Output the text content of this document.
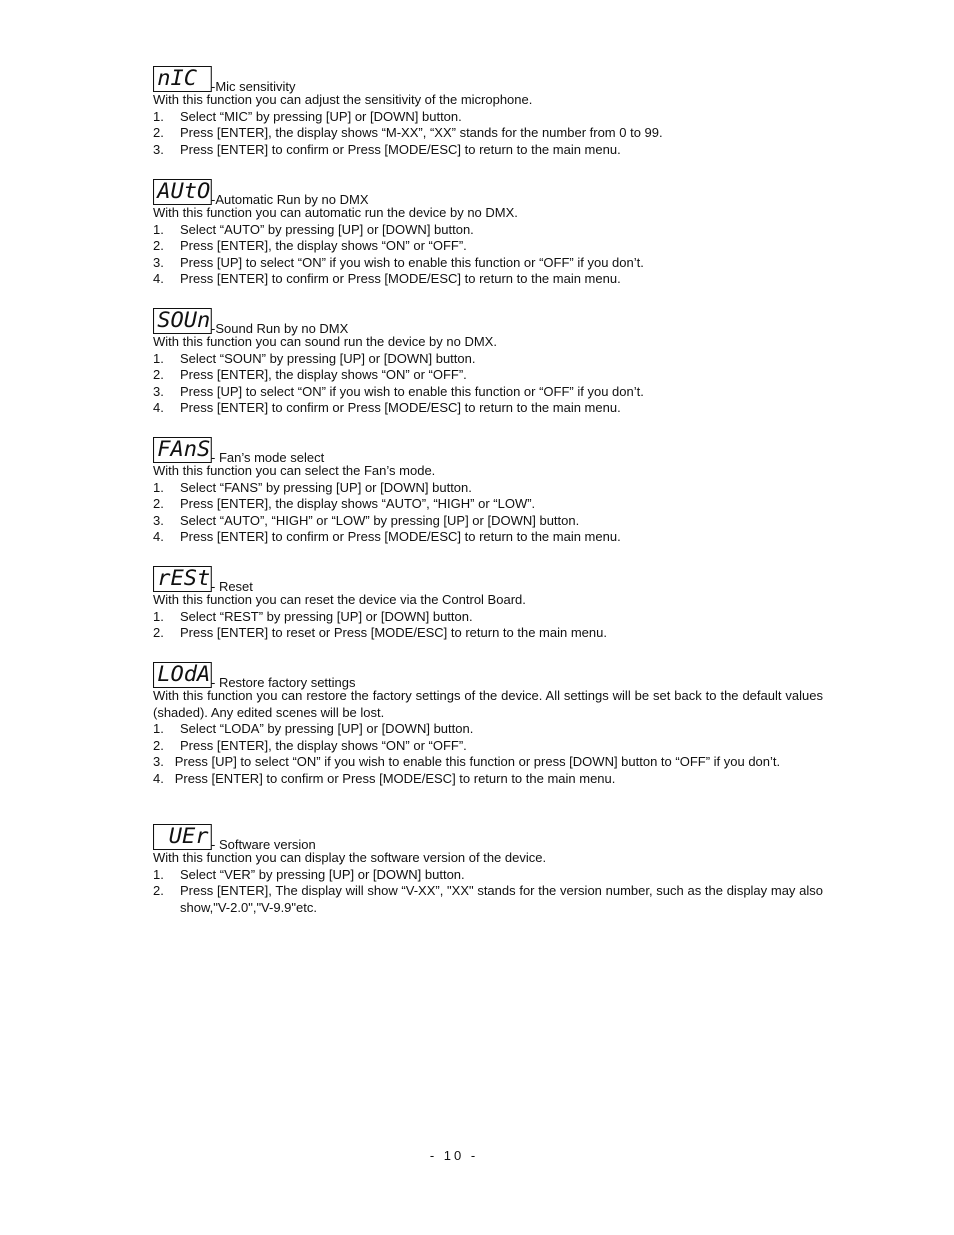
nIC	-Mic sensitivity

With this function you can adjust the sensitivity of the microphone.

1. Select “MIC” by pressing [UP] or [DOWN] button.

2. Press [ENTER], the display shows “M-XX”, “XX” stands for the number from 0 to 99.

3. Press [ENTER] to confirm or Press [MODE/ESC] to return to the main menu.

AUtO -Automatic Run by no DMX

With this function you can automatic run the device by no DMX.

1. Select “AUTO” by pressing [UP] or [DOWN] button.

2. Press [ENTER], the display shows “ON” or “OFF”.

3. Press [UP] to select “ON” if you wish to enable this function or “OFF” if you don’t.

4. Press [ENTER] to confirm or Press [MODE/ESC] to return to the main menu.

SOUn -Sound Run by no DMX

With this function you can sound run the device by no DMX.

1. Select “SOUN” by pressing [UP] or [DOWN] button.

2. Press [ENTER], the display shows “ON” or “OFF”.

3. Press [UP] to select “ON” if you wish to enable this function or “OFF” if you don’t.

4. Press [ENTER] to confirm or Press [MODE/ESC] to return to the main menu.

FAnS - Fan’s mode select

With this function you can select the Fan’s mode.

1. Select “FANS” by pressing [UP] or [DOWN] button.

2. Press [ENTER], the display shows “AUTO”, “HIGH” or “LOW”.

3. Select “AUTO”, “HIGH” or “LOW” by pressing [UP] or [DOWN] button.

4. Press [ENTER] to confirm or Press [MODE/ESC] to return to the main menu.

rESt - Reset

With this function you can reset the device via the Control Board.

1. Select “REST” by pressing [UP] or [DOWN] button.

2. Press [ENTER] to reset or Press [MODE/ESC] to return to the main menu.

LOdA - Restore factory settings

With this function you can restore the factory settings of the device. All settings will be set back to the default values (shaded). Any edited scenes will be lost.

1. Select “LODA” by pressing [UP] or [DOWN] button.

2. Press [ENTER], the display shows “ON” or “OFF”.

3. Press [UP] to select “ON” if you wish to enable this function or press [DOWN] button to “OFF” if you don’t.

4. Press [ENTER] to confirm or Press [MODE/ESC] to return to the main menu.

UEr - Software version

With this function you can display the software version of the device.

1. Select “VER” by pressing [UP] or [DOWN] button.

2. Press [ENTER], The display will show “V-XX”, "XX" stands for the version number, such as the display may also show,"V-2.0","V-9.9"etc.

- 10 -
